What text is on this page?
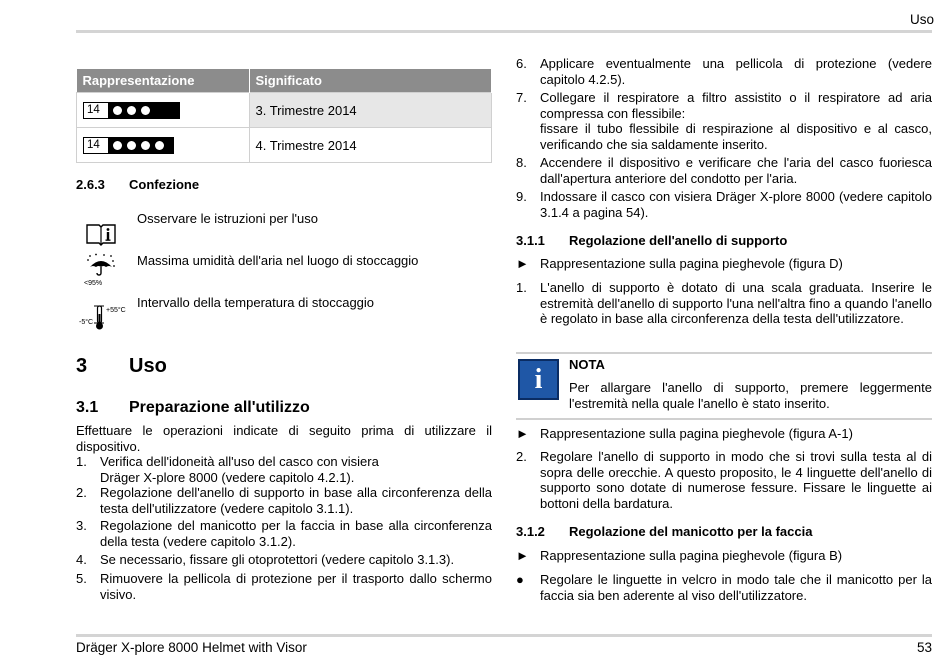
Uso
Rappresentazione	Significato

14	3. Trimestre 2014

14	4. Trimestre 2014
2.6.3 Confezione
Osservare le istruzioni per l'uso
<95%
Massima umidità dell'aria nel luogo di stoccaggio
+55°C
-5°C
Intervallo della temperatura di stoccaggio
3 Uso
3.1 Preparazione all'utilizzo
Effettuare le operazioni indicate di seguito prima di utilizzare il dispositivo.
1. Verifica dell'idoneità all'uso del casco con visiera Dräger X-plore 8000 (vedere capitolo 4.2.1).
2. Regolazione dell'anello di supporto in base alla circonferenza della testa dell'utilizzatore (vedere capitolo 3.1.1).
3. Regolazione del manicotto per la faccia in base alla circonferenza della testa (vedere capitolo 3.1.2).
4. Se necessario, fissare gli otoprotettori (vedere capitolo 3.1.3).
5. Rimuovere la pellicola di protezione per il trasporto dallo schermo visivo.
6. Applicare eventualmente una pellicola di protezione (vedere capitolo 4.2.5).
7. Collegare il respiratore a filtro assistito o il respiratore ad aria compressa con flessibile:
fissare il tubo flessibile di respirazione al dispositivo e al casco, verificando che sia saldamente inserito.
8. Accendere il dispositivo e verificare che l'aria del casco fuoriesca dall'apertura anteriore del condotto per l'aria.
9. Indossare il casco con visiera Dräger X-plore 8000 (vedere capitolo 3.1.4 a pagina 54).
3.1.1 Regolazione dell'anello di supporto
► Rappresentazione sulla pagina pieghevole (figura D)
1. L'anello di supporto è dotato di una scala graduata. Inserire le estremità dell'anello di supporto l'una nell'altra fino a quando l'anello è regolato in base alla circonferenza della testa dell'utilizzatore.
i	NOTA
Per allargare l'anello di supporto, premere leggermente l'estremità nella quale l'anello è stato inserito.
► Rappresentazione sulla pagina pieghevole (figura A-1)
2. Regolare l'anello di supporto in modo che si trovi sulla testa al di sopra delle orecchie. A questo proposito, le 4 linguette dell'anello di supporto sono dotate di numerose fessure. Fissare le linguette ai bottoni della bardatura.
3.1.2 Regolazione del manicotto per la faccia
► Rappresentazione sulla pagina pieghevole (figura B)
● Regolare le linguette in velcro in modo tale che il manicotto per la faccia sia ben aderente al viso dell'utilizzatore.
Dräger X-plore 8000 Helmet with Visor	53
